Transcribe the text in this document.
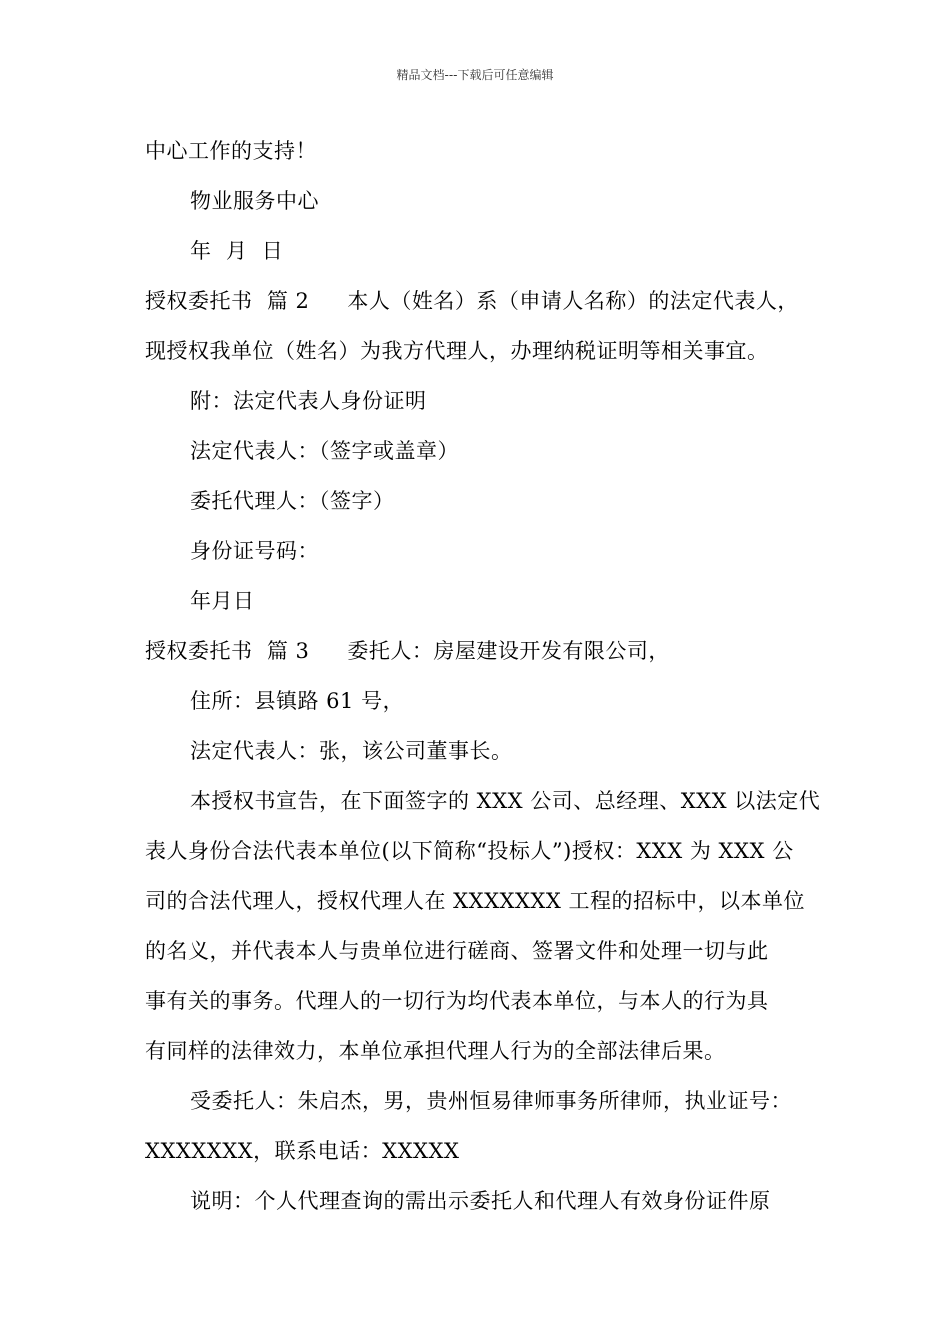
精品文档---下载后可任意编辑
中心工作的支持！
物业服务中心
年  月  日
授权委托书  篇 2 本人（姓名）系（申请人名称）的法定代表人，
现授权我单位（姓名）为我方代理人，办理纳税证明等相关事宜。
附：法定代表人身份证明
法定代表人：（签字或盖章）
委托代理人：（签字）
身份证号码：
年月日
授权委托书  篇 3 委托人：房屋建设开发有限公司，
住所：县镇路 61 号，
法定代表人：张，该公司董事长。
本授权书宣告，在下面签字的 XXX 公司、总经理、XXX 以法定代
表人身份合法代表本单位(以下简称“投标人”)授权：XXX 为 XXX 公
司的合法代理人，授权代理人在 XXXXXXX 工程的招标中，以本单位
的名义，并代表本人与贵单位进行磋商、签署文件和处理一切与此
事有关的事务。代理人的一切行为均代表本单位，与本人的行为具
有同样的法律效力，本单位承担代理人行为的全部法律后果。
受委托人：朱启杰，男，贵州恒易律师事务所律师，执业证号：
XXXXXXX，联系电话：XXXXX
说明：个人代理查询的需出示委托人和代理人有效身份证件原
